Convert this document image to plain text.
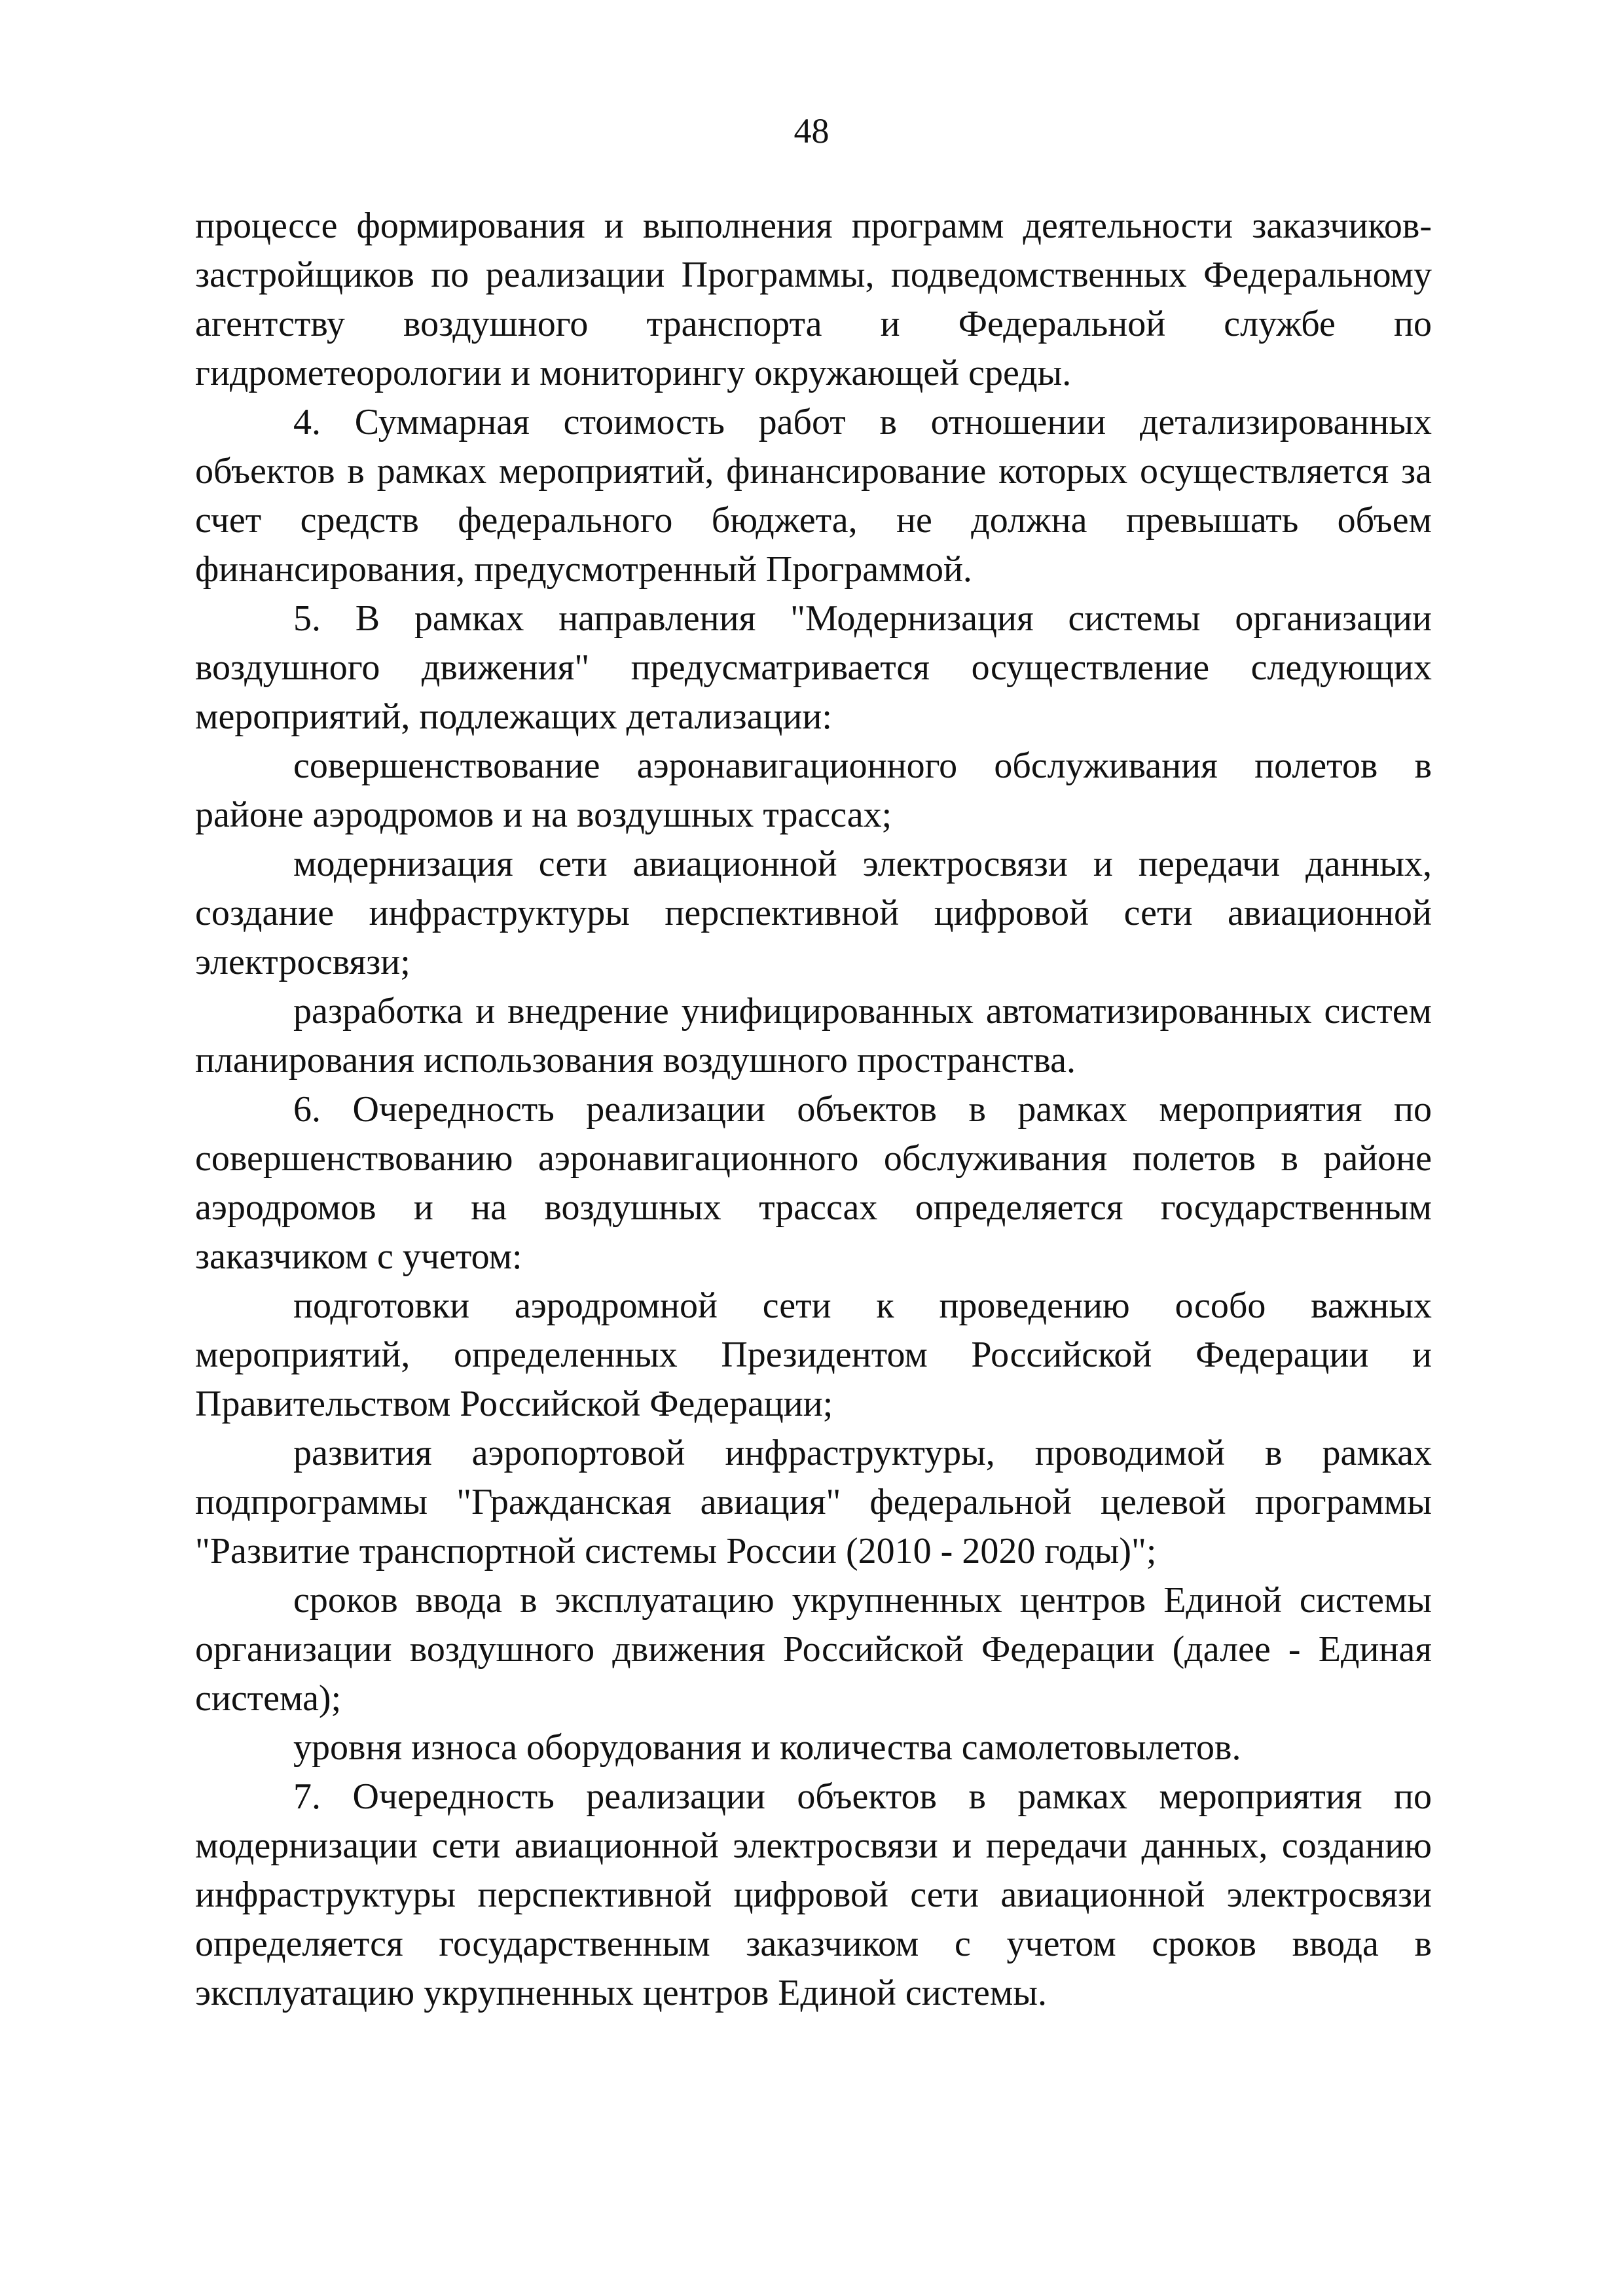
48

процессе формирования и выполнения программ деятельности заказчиков-застройщиков по реализации Программы, подведомственных Федеральному агентству воздушного транспорта и Федеральной службе по гидрометеорологии и мониторингу окружающей среды.

4. Суммарная стоимость работ в отношении детализированных объектов в рамках мероприятий, финансирование которых осуществляется за счет средств федерального бюджета, не должна превышать объем финансирования, предусмотренный Программой.

5. В рамках направления "Модернизация системы организации воздушного движения" предусматривается осуществление следующих мероприятий, подлежащих детализации:

совершенствование аэронавигационного обслуживания полетов в районе аэродромов и на воздушных трассах;

модернизация сети авиационной электросвязи и передачи данных, создание инфраструктуры перспективной цифровой сети авиационной электросвязи;

разработка и внедрение унифицированных автоматизированных систем планирования использования воздушного пространства.

6. Очередность реализации объектов в рамках мероприятия по совершенствованию аэронавигационного обслуживания полетов в районе аэродромов и на воздушных трассах определяется государственным заказчиком с учетом:

подготовки аэродромной сети к проведению особо важных мероприятий, определенных Президентом Российской Федерации и Правительством Российской Федерации;

развития аэропортовой инфраструктуры, проводимой в рамках подпрограммы "Гражданская авиация" федеральной целевой программы "Развитие транспортной системы России (2010 - 2020 годы)";

сроков ввода в эксплуатацию укрупненных центров Единой системы организации воздушного движения Российской Федерации (далее - Единая система);

уровня износа оборудования и количества самолетовылетов.

7. Очередность реализации объектов в рамках мероприятия по модернизации сети авиационной электросвязи и передачи данных, созданию инфраструктуры перспективной цифровой сети авиационной электросвязи определяется государственным заказчиком с учетом сроков ввода в эксплуатацию укрупненных центров Единой системы.
